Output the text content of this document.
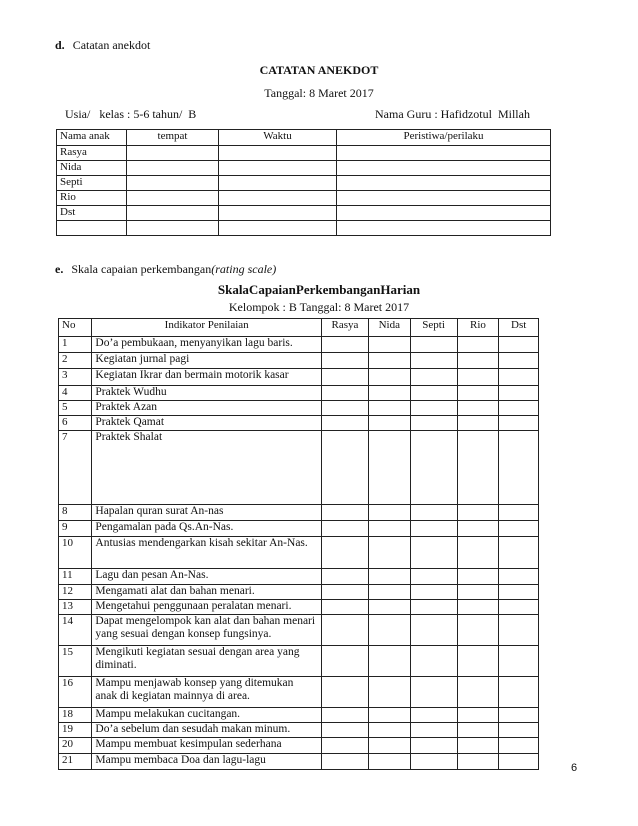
d. Catatan anekdot
CATATAN ANEKDOT
Tanggal: 8 Maret 2017
Usia/   kelas : 5-6 tahun/  B	Nama Guru : Hafidzotul  Millah
Nama anak	tempat	Waktu	Peristiwa/perilaku
Rasya			
Nida			
Septi			
Rio			
Dst			

e. Skala capaian perkembangan(rating scale)
SkalaCapaianPerkembanganHarian
Kelompok : B Tanggal: 8 Maret 2017
No	Indikator Penilaian	Rasya	Nida	Septi	Rio	Dst
1	Do’a pembukaan, menyanyikan lagu baris.					
2	Kegiatan jurnal pagi					
3	Kegiatan Ikrar dan bermain motorik kasar					
4	Praktek Wudhu					
5	Praktek Azan					
6	Praktek Qamat					
7	Praktek Shalat					
8	Hapalan quran surat An-nas					
9	Pengamalan pada Qs.An-Nas.					
10	Antusias mendengarkan kisah sekitar An-Nas.					
11	Lagu dan pesan An-Nas.					
12	Mengamati alat dan bahan menari.					
13	Mengetahui penggunaan peralatan menari.					
14	Dapat mengelompok kan alat dan bahan menari yang sesuai dengan konsep fungsinya.					
15	Mengikuti kegiatan sesuai dengan area yang diminati.					
16	Mampu menjawab konsep yang ditemukan anak di kegiatan mainnya di area.					
18	Mampu melakukan cucitangan.					
19	Do’a sebelum dan sesudah makan minum.					
20	Mampu membuat kesimpulan sederhana					
21	Mampu membaca Doa dan lagu-lagu					
6
